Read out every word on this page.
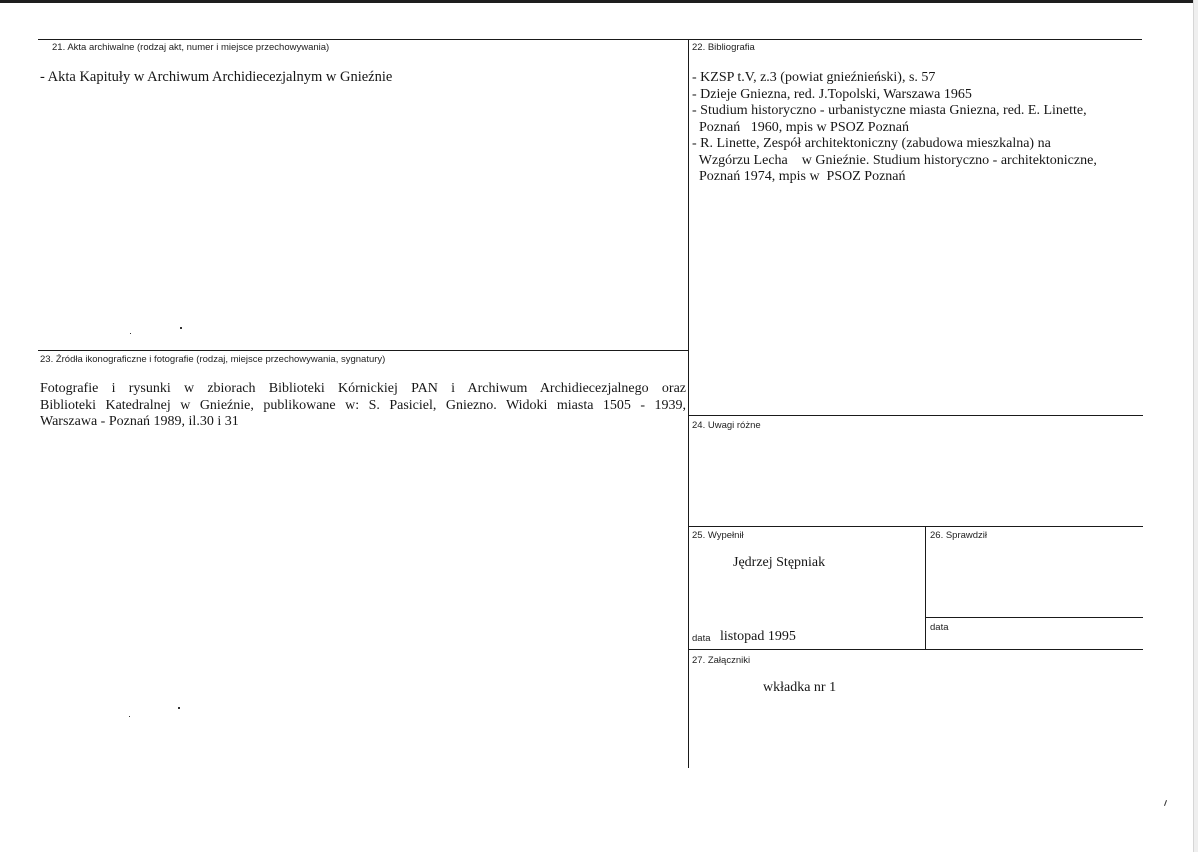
21. Akta archiwalne (rodzaj akt, numer i miejsce przechowywania)
- Akta Kapituły w Archiwum Archidiecezjalnym w Gnieźnie
22. Bibliografia
- KZSP t.V, z.3 (powiat gnieźnieński), s. 57
- Dzieje Gniezna, red. J.Topolski, Warszawa 1965
- Studium historyczno - urbanistyczne miasta Gniezna, red. E. Linette,
Poznań   1960, mpis w PSOZ Poznań
- R. Linette, Zespół architektoniczny (zabudowa mieszkalna) na
Wzgórzu Lecha    w Gnieźnie. Studium historyczno - architektoniczne,
Poznań 1974, mpis w  PSOZ Poznań
23. Źródła ikonograficzne i fotografie (rodzaj, miejsce przechowywania, sygnatury)
Fotografie i rysunki w zbiorach Biblioteki Kórnickiej PAN i Archiwum Archidiecezjalnego oraz
Biblioteki Katedralnej w Gnieźnie, publikowane w: S. Pasiciel, Gniezno. Widoki miasta 1505 - 1939,
Warszawa - Poznań 1989, il.30 i 31	24. Uwagi różne
25. Wypełnił
Jędrzej Stępniak
data listopad 1995
26. Sprawdził
data
27. Załączniki
wkładka nr 1
